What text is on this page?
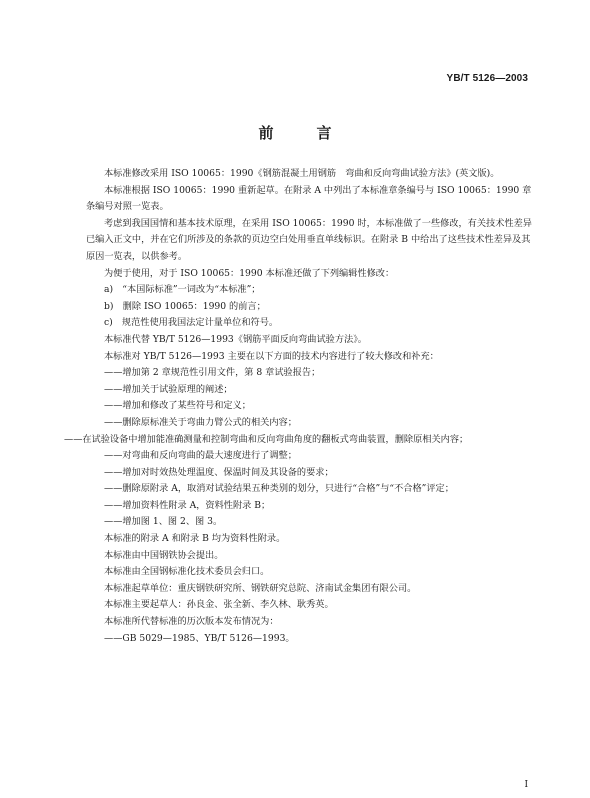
YB/T 5126—2003
前　言

本标准修改采用 ISO 10065：1990《钢筋混凝土用钢筋　弯曲和反向弯曲试验方法》(英文版)。

本标准根据 ISO 10065：1990 重新起草。在附录 A 中列出了本标准章条编号与 ISO 10065：1990 章条编号对照一览表。

考虑到我国国情和基本技术原理，在采用 ISO 10065：1990 时，本标准做了一些修改，有关技术性差异已编入正文中，并在它们所涉及的条款的页边空白处用垂直单线标识。在附录 B 中给出了这些技术性差异及其原因一览表，以供参考。

为便于使用，对于 ISO 10065：1990 本标准还做了下列编辑性修改：

a)　“本国际标准”一词改为“本标准”；

b)　删除 ISO 10065：1990 的前言；

c)　规范性使用我国法定计量单位和符号。

本标准代替 YB/T 5126—1993《钢筋平面反向弯曲试验方法》。

本标准对 YB/T 5126—1993 主要在以下方面的技术内容进行了较大修改和补充：

——增加第 2 章规范性引用文件，第 8 章试验报告；

——增加关于试验原理的阐述；

——增加和修改了某些符号和定义；

——删除原标准关于弯曲力臂公式的相关内容；

——在试验设备中增加能准确测量和控制弯曲和反向弯曲角度的翻板式弯曲装置，删除原相关内容；

——对弯曲和反向弯曲的最大速度进行了调整；

——增加对时效热处理温度、保温时间及其设备的要求；

——删除原附录 A，取消对试验结果五种类别的划分，只进行“合格”与“不合格”评定；

——增加资料性附录 A，资料性附录 B；

——增加图 1、图 2、图 3。

本标准的附录 A 和附录 B 均为资料性附录。

本标准由中国钢铁协会提出。

本标准由全国钢标准化技术委员会归口。

本标准起草单位：重庆钢铁研究所、钢铁研究总院、济南试金集团有限公司。

本标准主要起草人：孙良金、张全新、李久林、耿秀英。

本标准所代替标准的历次版本发布情况为：

——GB 5029—1985、YB/T 5126—1993。

I
